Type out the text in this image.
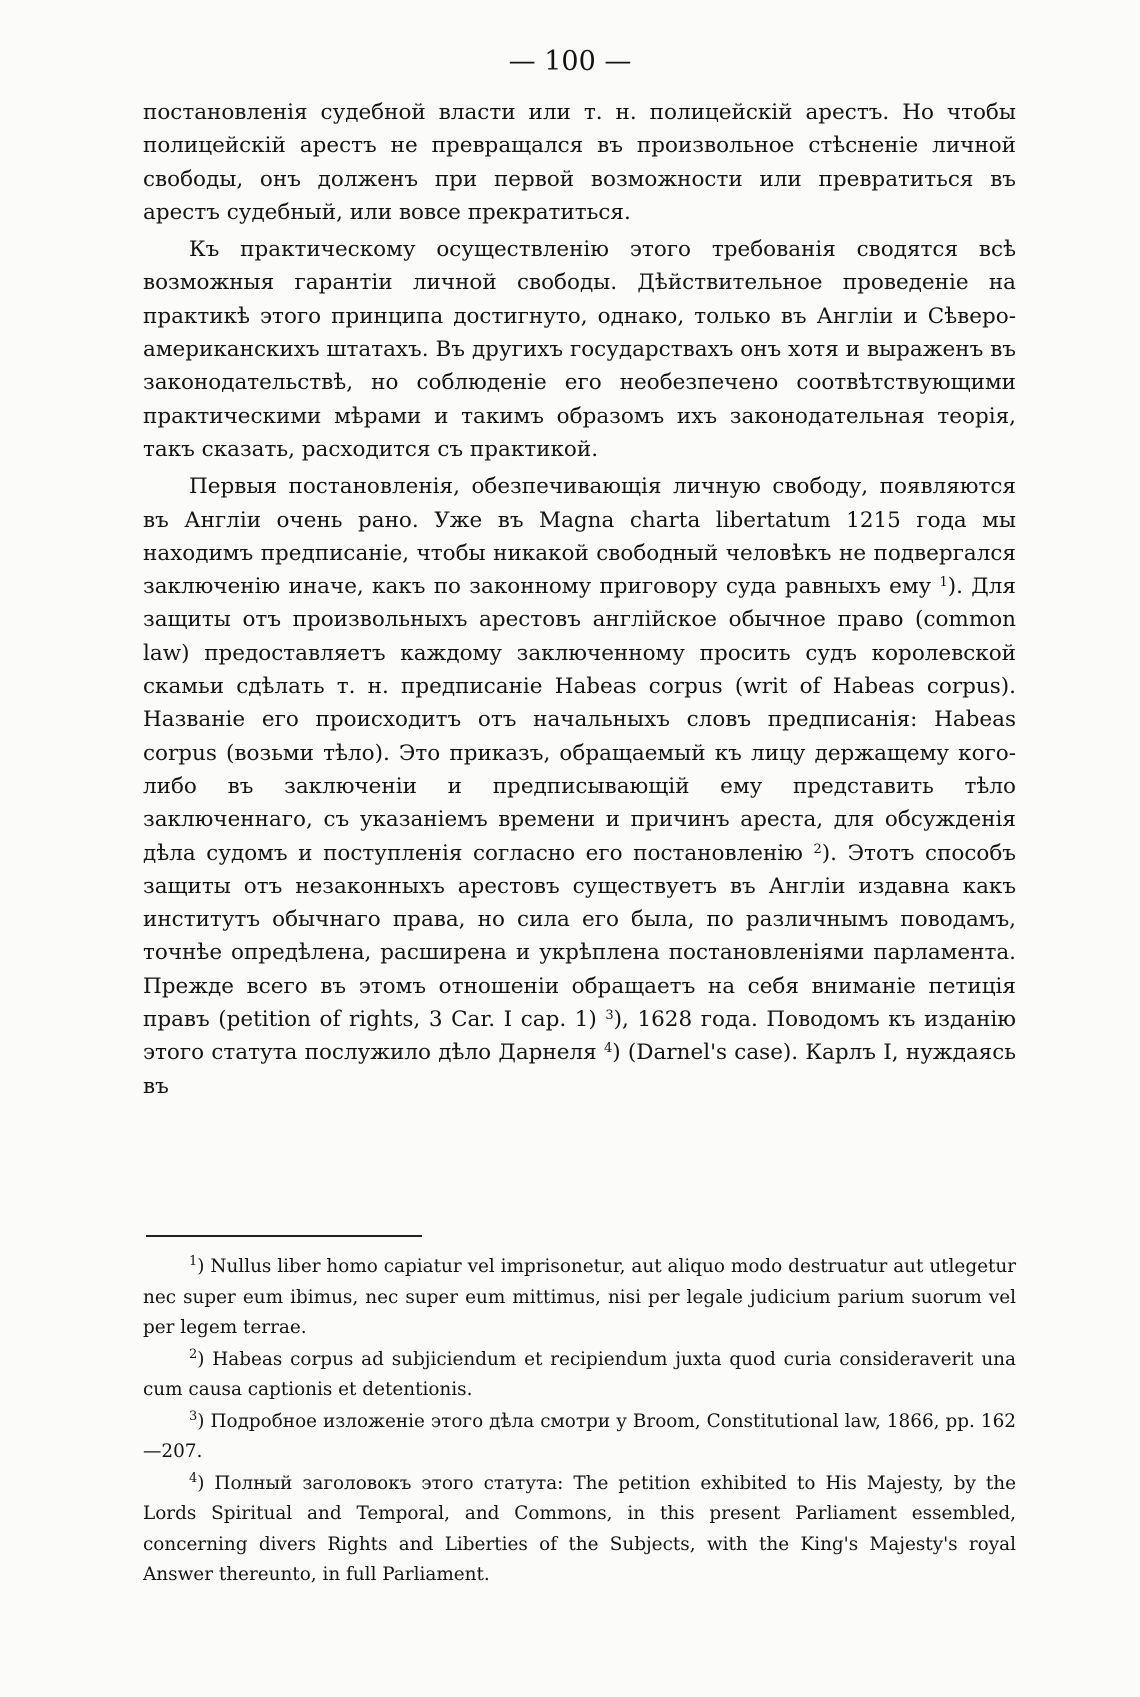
— 100 —

постановленія судебной власти или т. н. полицейскій арестъ. Но чтобы полицейскій арестъ не превращался въ произвольное стѣсненіе личной свободы, онъ долженъ при первой возможности или превратиться въ арестъ судебный, или вовсе прекратиться.

Къ практическому осуществленію этого требованія сводятся всѣ возможныя гарантіи личной свободы. Дѣйствительное проведеніе на практикѣ этого принципа достигнуто, однако, только въ Англіи и Сѣверо-американскихъ штатахъ. Въ другихъ государствахъ онъ хотя и выраженъ въ законодательствѣ, но соблюденіе его необезпечено соотвѣтствующими практическими мѣрами и такимъ образомъ ихъ законодательная теорія, такъ сказать, расходится съ практикой.

Первыя постановленія, обезпечивающія личную свободу, появляются въ Англіи очень рано. Уже въ Magna charta libertatum 1215 года мы находимъ предписаніе, чтобы никакой свободный человѣкъ не подвергался заключенію иначе, какъ по законному приговору суда равныхъ ему $^1$). Для защиты отъ произвольныхъ арестовъ англійское обычное право (common law) предоставляетъ каждому заключенному просить судъ королевской скамьи сдѣлать т. н. предписаніе Habeas corpus (writ of Habeas corpus). Названіе его происходитъ отъ начальныхъ словъ предписанія: Habeas corpus (возьми тѣло). Это приказъ, обращаемый къ лицу держащему кого-либо въ заключеніи и предписывающій ему представить тѣло заключеннаго, съ указаніемъ времени и причинъ ареста, для обсужденія дѣла судомъ и поступленія согласно его постановленію $^2$). Этотъ способъ защиты отъ незаконныхъ арестовъ существуетъ въ Англіи издавна какъ институтъ обычнаго права, но сила его была, по различнымъ поводамъ, точнѣе опредѣлена, расширена и укрѣплена постановленіями парламента. Прежде всего въ этомъ отношеніи обращаетъ на себя вниманіе петиція правъ (petition of rights, 3 Car. I cap. 1) $^3$), 1628 года. Поводомъ къ изданію этого статута послужило дѣло Дарнеля $^4$) (Darnel's case). Карлъ I, нуждаясь въ

$^1$) Nullus liber homo capiatur vel imprisonetur, aut aliquo modo destruatur aut utlegetur nec super eum ibimus, nec super eum mittimus, nisi per legale judicium parium suorum vel per legem terrae.

$^2$) Habeas corpus ad subjiciendum et recipiendum juxta quod curia consideraverit una cum causa captionis et detentionis.

$^3$) Подробное изложеніе этого дѣла смотри у Broom, Constitutional law, 1866, pp. 162—207.

$^4$) Полный заголовокъ этого статута: The petition exhibited to His Majesty, by the Lords Spiritual and Temporal, and Commons, in this present Parliament essembled, concerning divers Rights and Liberties of the Subjects, with the King's Majesty's royal Answer thereunto, in full Parliament.
